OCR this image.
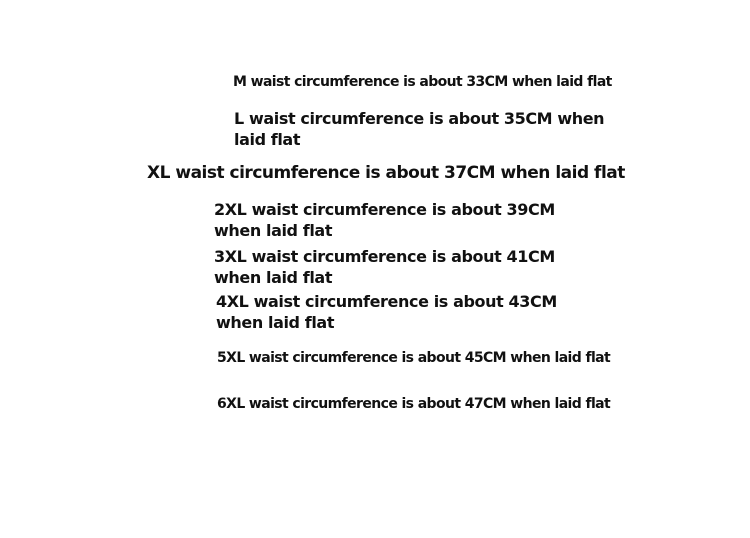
M waist circumference is about 33CM when laid flat
L waist circumference is about 35CM when laid flat
XL waist circumference is about 37CM when laid flat
2XL waist circumference is about 39CM when laid flat
3XL waist circumference is about 41CM when laid flat
4XL waist circumference is about 43CM when laid flat
5XL waist circumference is about 45CM when laid flat
6XL waist circumference is about 47CM when laid flat
